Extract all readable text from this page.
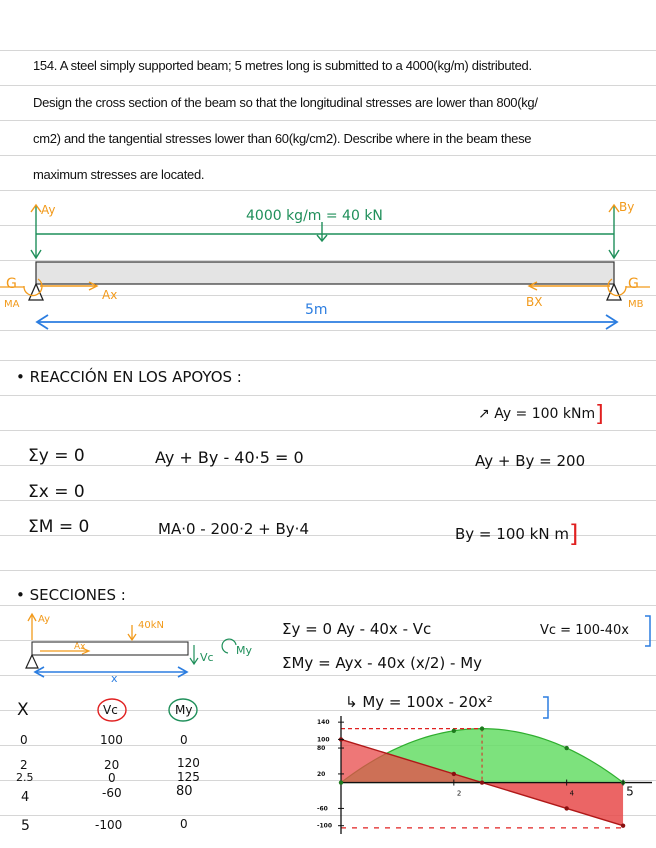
154. A steel simply supported beam; 5 metres long is submitted to a 4000(kg/m) distributed.
Design the cross section of the beam so that the longitudinal stresses are lower than 800(kg/
cm2) and the tangential stresses lower than 60(kg/cm2). Describe where in the beam these
maximum stresses are located.
4000 kg/m = 40 kN
Ay	By
Ax	BX
G	G
MA	MB
5m
• REACCIÓN EN LOS APOYOS :
↗ Ay = 100 kNm]
Σy = 0	Ay + By - 40·5 = 0	Ay + By = 200
Σx = 0
ΣM = 0	MA·0 - 200·2 + By·4	By = 100 kN m]
• SECCIONES :
Ay
40kN
Ax
Vc
My
x
Σy = 0 Ay - 40x - Vc	Vc = 100-40x
ΣMy = Ayx - 40x (x/2) - My
↳ My = 100x - 20x²
X	Vc	My
0	100	0
2	20	120
2.5	0	125
4	-60	80
5	-100	0
2	4	5
140
100
80
20
-60
-100
